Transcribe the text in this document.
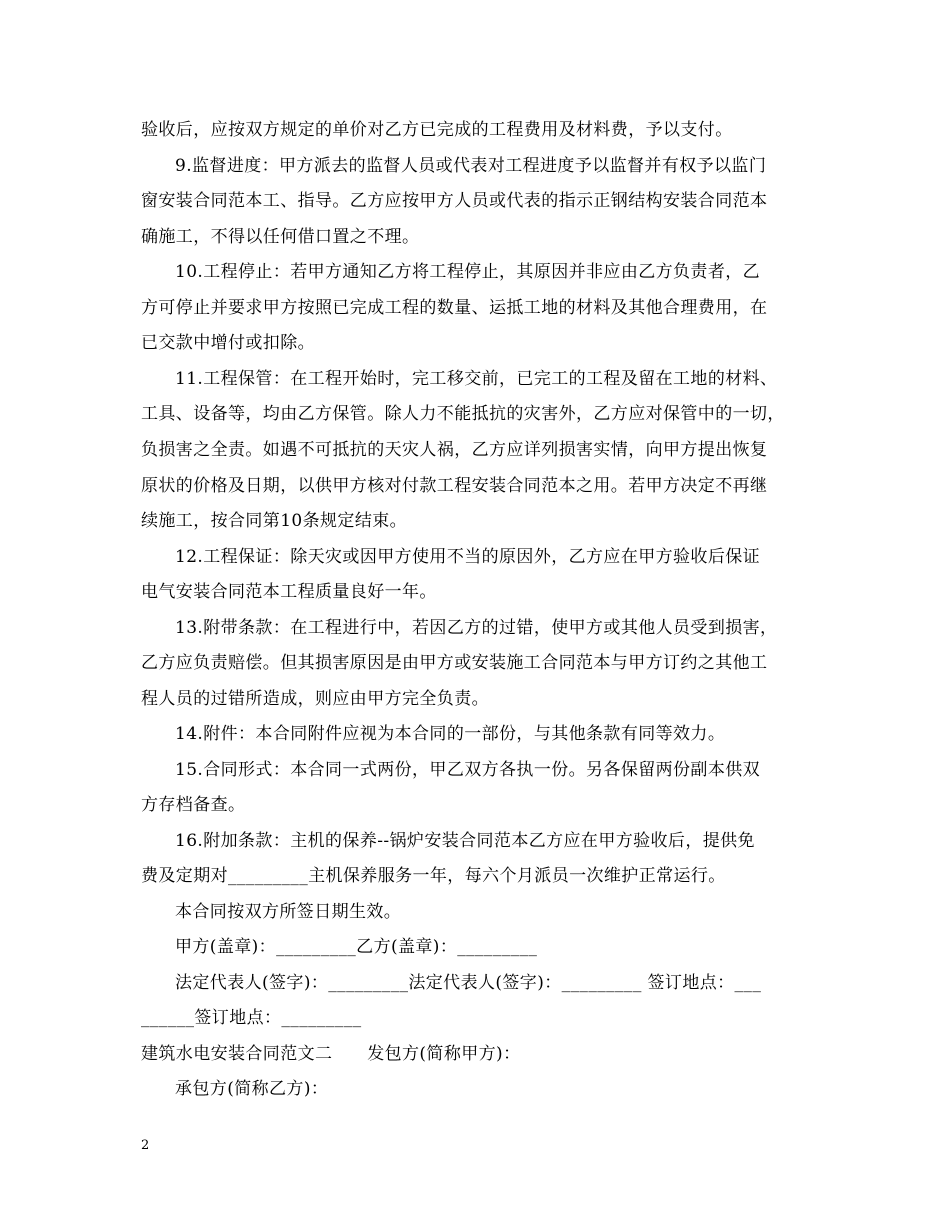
验收后，应按双方规定的单价对乙方已完成的工程费用及材料费，予以支付。
9.监督进度：甲方派去的监督人员或代表对工程进度予以监督并有权予以监门
窗安装合同范本工、指导。乙方应按甲方人员或代表的指示正钢结构安装合同范本
确施工，不得以任何借口置之不理。
10.工程停止：若甲方通知乙方将工程停止，其原因并非应由乙方负责者，乙
方可停止并要求甲方按照已完成工程的数量、运抵工地的材料及其他合理费用，在
已交款中增付或扣除。
11.工程保管：在工程开始时，完工移交前，已完工的工程及留在工地的材料、
工具、设备等，均由乙方保管。除人力不能抵抗的灾害外，乙方应对保管中的一切，
负损害之全责。如遇不可抵抗的天灾人祸，乙方应详列损害实情，向甲方提出恢复
原状的价格及日期，以供甲方核对付款工程安装合同范本之用。若甲方决定不再继
续施工，按合同第10条规定结束。
12.工程保证：除天灾或因甲方使用不当的原因外，乙方应在甲方验收后保证
电气安装合同范本工程质量良好一年。
13.附带条款：在工程进行中，若因乙方的过错，使甲方或其他人员受到损害，
乙方应负责赔偿。但其损害原因是由甲方或安装施工合同范本与甲方订约之其他工
程人员的过错所造成，则应由甲方完全负责。
14.附件：本合同附件应视为本合同的一部份，与其他条款有同等效力。
15.合同形式：本合同一式两份，甲乙双方各执一份。另各保留两份副本供双
方存档备查。
16.附加条款：主机的保养--锅炉安装合同范本乙方应在甲方验收后，提供免
费及定期对_________主机保养服务一年，每六个月派员一次维护正常运行。
本合同按双方所签日期生效。
甲方(盖章)：_________乙方(盖章)：_________
法定代表人(签字)：_________法定代表人(签字)：_________ 签订地点：___
______签订地点：_________
建筑水电安装合同范文二　　发包方(简称甲方)：
承包方(简称乙方)：
2
